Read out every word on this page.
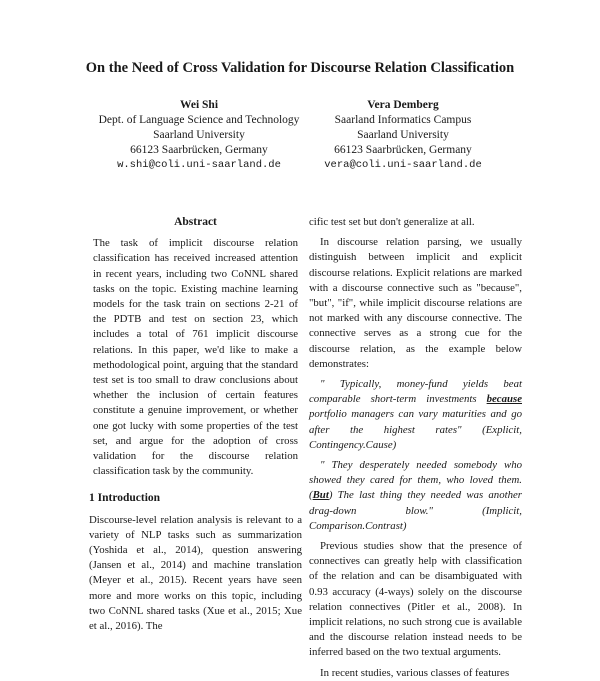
On the Need of Cross Validation for Discourse Relation Classification
Wei Shi
Dept. of Language Science and Technology
Saarland University
66123 Saarbrücken, Germany
w.shi@coli.uni-saarland.de
Vera Demberg
Saarland Informatics Campus
Saarland University
66123 Saarbrücken, Germany
vera@coli.uni-saarland.de
Abstract

The task of implicit discourse relation classification has received increased attention in recent years, including two CoNNL shared tasks on the topic. Existing machine learning models for the task train on sections 2-21 of the PDTB and test on section 23, which includes a total of 761 implicit discourse relations. In this paper, we'd like to make a methodological point, arguing that the standard test set is too small to draw conclusions about whether the inclusion of certain features constitute a genuine improvement, or whether one got lucky with some properties of the test set, and argue for the adoption of cross validation for the discourse relation classification task by the community.

1 Introduction

Discourse-level relation analysis is relevant to a variety of NLP tasks such as summarization (Yoshida et al., 2014), question answering (Jansen et al., 2014) and machine translation (Meyer et al., 2015). Recent years have seen more and more works on this topic, including two CoNNL shared tasks (Xue et al., 2015; Xue et al., 2016). The

cific test set but don't generalize at all.

In discourse relation parsing, we usually distinguish between implicit and explicit discourse relations. Explicit relations are marked with a discourse connective such as "because", "but", "if", while implicit discourse relations are not marked with any discourse connective. The connective serves as a strong cue for the discourse relation, as the example below demonstrates:

" Typically, money-fund yields beat comparable short-term investments because portfolio managers can vary maturities and go after the highest rates" (Explicit, Contingency.Cause)

" They desperately needed somebody who showed they cared for them, who loved them. (But) The last thing they needed was another drag-down blow." (Implicit, Comparison.Contrast)

Previous studies show that the presence of connectives can greatly help with classification of the relation and can be disambiguated with 0.93 accuracy (4-ways) solely on the discourse relation connectives (Pitler et al., 2008). In implicit relations, no such strong cue is available and the discourse relation instead needs to be inferred based on the two textual arguments.

In recent studies, various classes of features
